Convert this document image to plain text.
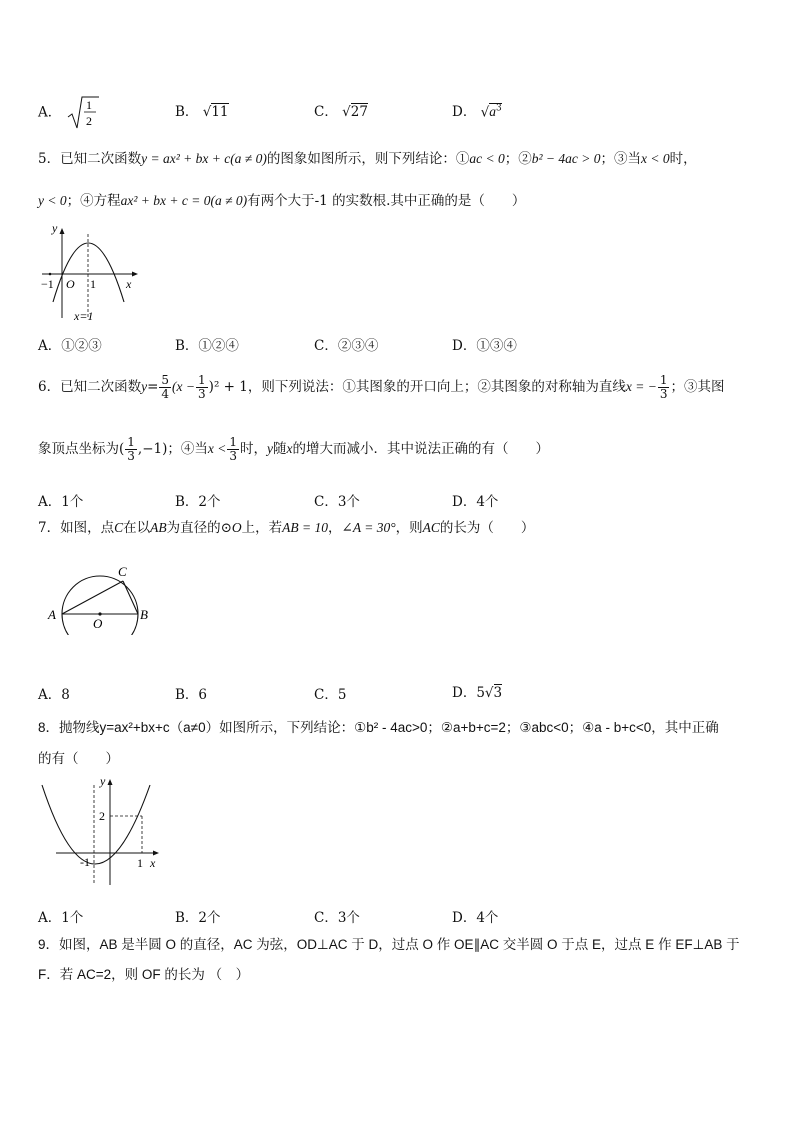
A． 1
2
B． √11	C． √27	D． $√a^3$
5．已知二次函数y = ax² + bx + c(a ≠ 0)的图象如图所示，则下列结论：①ac < 0；②b² − 4ac > 0；③当x < 0时，
y < 0；④方程ax² + bx + c = 0(a ≠ 0)有两个大于-1 的实数根.其中正确的是（　　）
y
x
−1 O 1
x=1
A．①②③	B．①②④	C．②③④	D．①③④
6．已知二次函数$y= \frac{5}{4} (x - \frac{1}{3} )^2 + 1$，则下列说法：①其图象的开口向上；②其图象的对称轴为直线x = − $\frac{1}{3}$ ；③其图
象顶点坐标为( $\frac{1}{3} ,-1$)；④当$x < \frac{1}{3}$ 时，y随x的增大而减小．其中说法正确的有（　　）
A．1个	B．2个	C．3个	D．4个
7．如图，点C在以AB为直径的⊙O上，若AB = 10，∠A = 30°，则AC的长为（　　）
A	B
C
O
A．8	B．6	C．5	D．5√3
8．抛物线y=ax²+bx+c（a≠0）如图所示，下列结论：①b² - 4ac>0；②a+b+c=2；③abc<0；④a - b+c<0，其中正确
的有（　　）
y
x
2
-1	1
A．1个	B．2个	C．3个	D．4个
9．如图，AB 是半圆 O 的直径，AC 为弦，OD⊥AC 于 D，过点 O 作 OE∥AC 交半圆 O 于点 E，过点 E 作 EF⊥AB 于
F．若 AC=2，则 OF 的长为 （　）
